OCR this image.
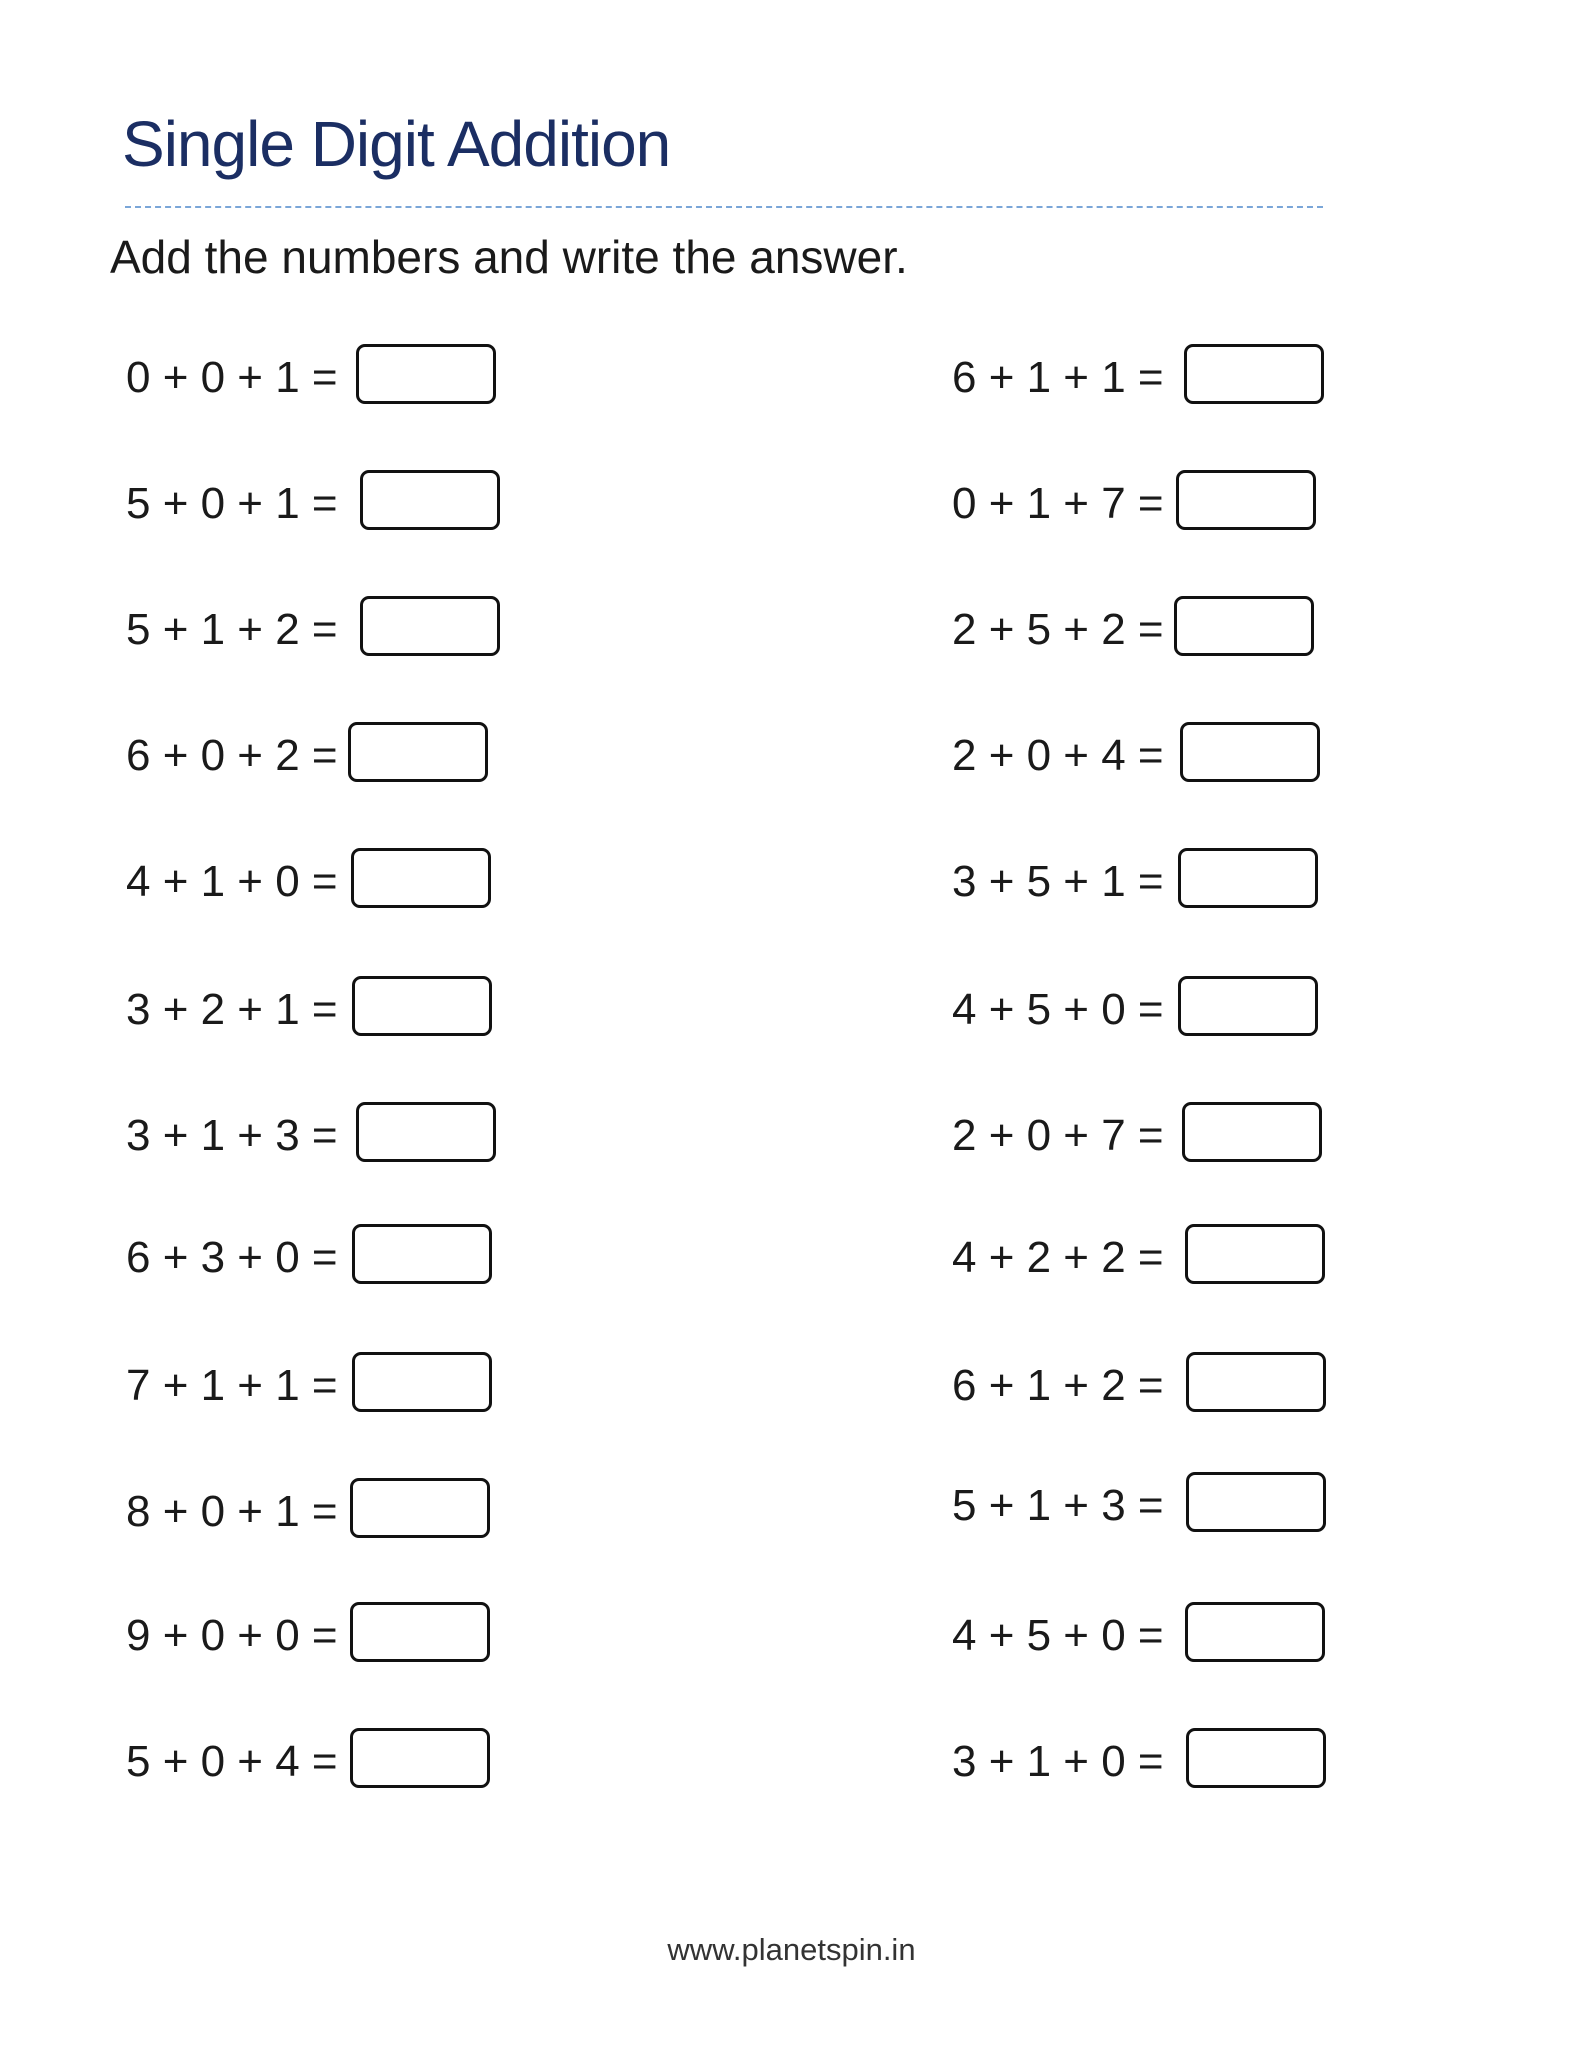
Single Digit Addition
Add the numbers and write the answer.
0 + 0 + 1 =
5 + 0 + 1 =
5 + 1 + 2 =
6 + 0 + 2 =
4 + 1 + 0 =
3 + 2 + 1 =
3 + 1 + 3 =
6 + 3 + 0 =
7 + 1 + 1 =
8 + 0 + 1 =
9 + 0 + 0 =
5 + 0 + 4 =
6 + 1 + 1 =
0 + 1 + 7 =
2 + 5 + 2 =
2 + 0 + 4 =
3 + 5 + 1 =
4 + 5 + 0 =
2 + 0 + 7 =
4 + 2 + 2 =
6 + 1 + 2 =
5 + 1 + 3 =
4 + 5 + 0 =
3 + 1 + 0 =
www.planetspin.in
